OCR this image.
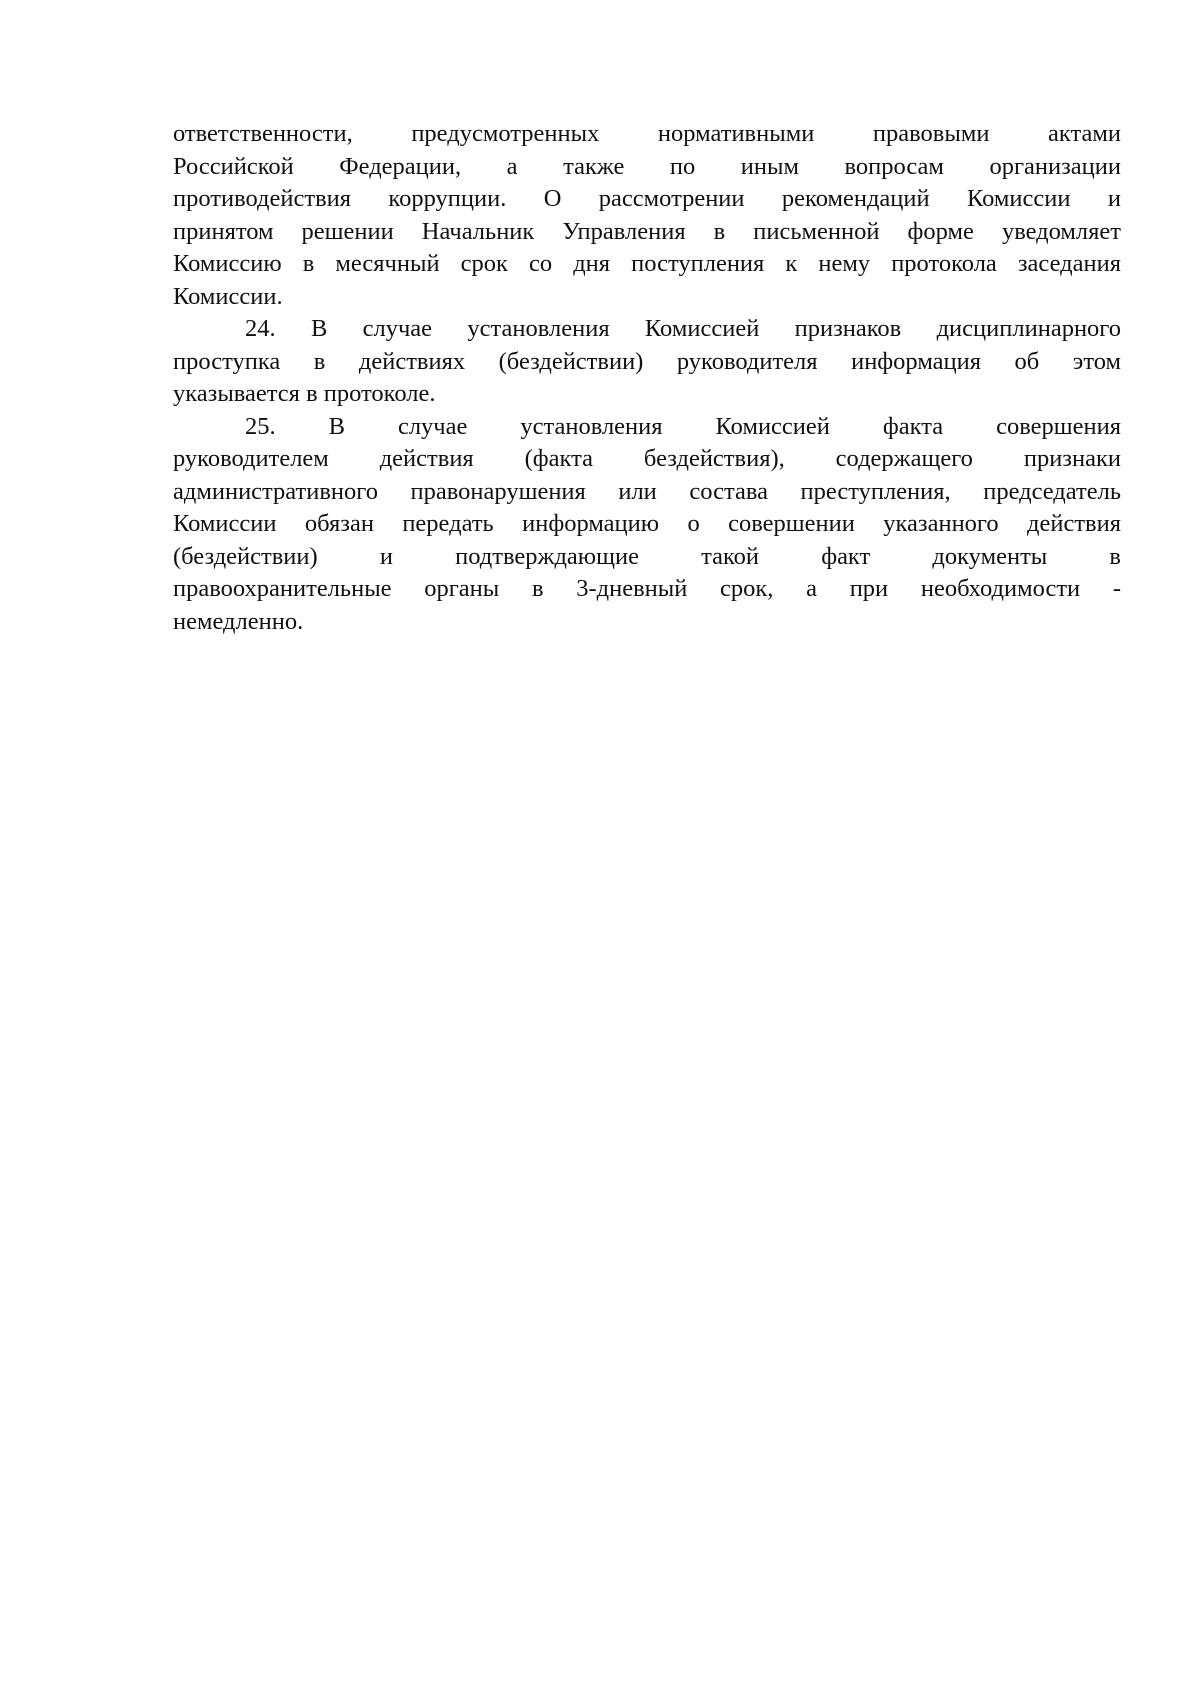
ответственности, предусмотренных нормативными правовыми актами
Российской Федерации, а также по иным вопросам организации
противодействия коррупции. О рассмотрении рекомендаций Комиссии и
принятом решении Начальник Управления в письменной форме уведомляет
Комиссию в месячный срок со дня поступления к нему протокола заседания
Комиссии.

24. В случае установления Комиссией признаков дисциплинарного
проступка в действиях (бездействии) руководителя информация об этом
указывается в протоколе.

25. В случае установления Комиссией факта совершения
руководителем действия (факта бездействия), содержащего признаки
административного правонарушения или состава преступления, председатель
Комиссии обязан передать информацию о совершении указанного действия
(бездействии) и подтверждающие такой факт документы в
правоохранительные органы в 3-дневный срок, а при необходимости -
немедленно.
